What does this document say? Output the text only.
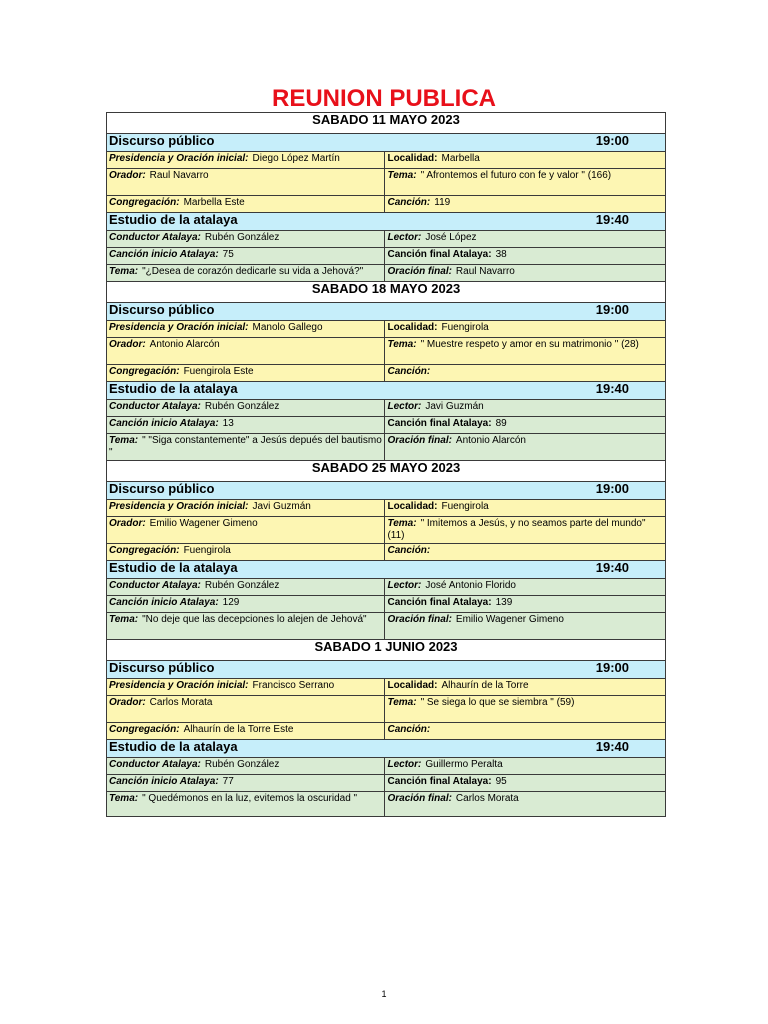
REUNION PUBLICA
SABADO 11 MAYO 2023	

Discurso público 19:00	

Presidencia y Oración inicial: Diego López Martín	Localidad: Marbella
Orador: Raul Navarro	Tema: " Afrontemos el futuro con fe y valor " (166)
Congregación: Marbella Este	Canción: 119

Estudio de la atalaya 19:40	

Conductor Atalaya: Rubén González	Lector: José López
Canción inicio Atalaya: 75	Canción final Atalaya: 38
Tema: "¿Desea de corazón dedicarle su vida a Jehová?"	Oración final: Raul Navarro
SABADO 18 MAYO 2023	

Discurso público 19:00	

Presidencia y Oración inicial: Manolo Gallego	Localidad: Fuengirola
Orador: Antonio Alarcón	Tema: " Muestre respeto y amor en su matrimonio " (28)
Congregación: Fuengirola Este	Canción:

Estudio de la atalaya 19:40	

Conductor Atalaya: Rubén González	Lector: Javi Guzmán
Canción inicio Atalaya: 13	Canción final Atalaya: 89
Tema: " "Siga constantemente" a Jesús depués del bautismo "	Oración final: Antonio Alarcón
SABADO 25 MAYO 2023	

Discurso público 19:00	

Presidencia y Oración inicial: Javi Guzmán	Localidad: Fuengirola
Orador: Emilio Wagener Gimeno	Tema: " Imitemos a Jesús, y no seamos parte del mundo" (11)
Congregación: Fuengirola	Canción:

Estudio de la atalaya 19:40	

Conductor Atalaya: Rubén González	Lector: José Antonio Florido
Canción inicio Atalaya: 129	Canción final Atalaya: 139
Tema: "No deje que las decepciones lo alejen de Jehová"	Oración final: Emilio Wagener Gimeno
SABADO 1 JUNIO 2023	

Discurso público 19:00	

Presidencia y Oración inicial: Francisco Serrano	Localidad: Alhaurín de la Torre
Orador: Carlos Morata	Tema: " Se siega lo que se siembra " (59)
Congregación: Alhaurín de la Torre Este	Canción:

Estudio de la atalaya 19:40	

Conductor Atalaya: Rubén González	Lector: Guillermo Peralta
Canción inicio Atalaya: 77	Canción final Atalaya: 95
Tema: " Quedémonos en la luz, evitemos la oscuridad "	Oración final: Carlos Morata
1
